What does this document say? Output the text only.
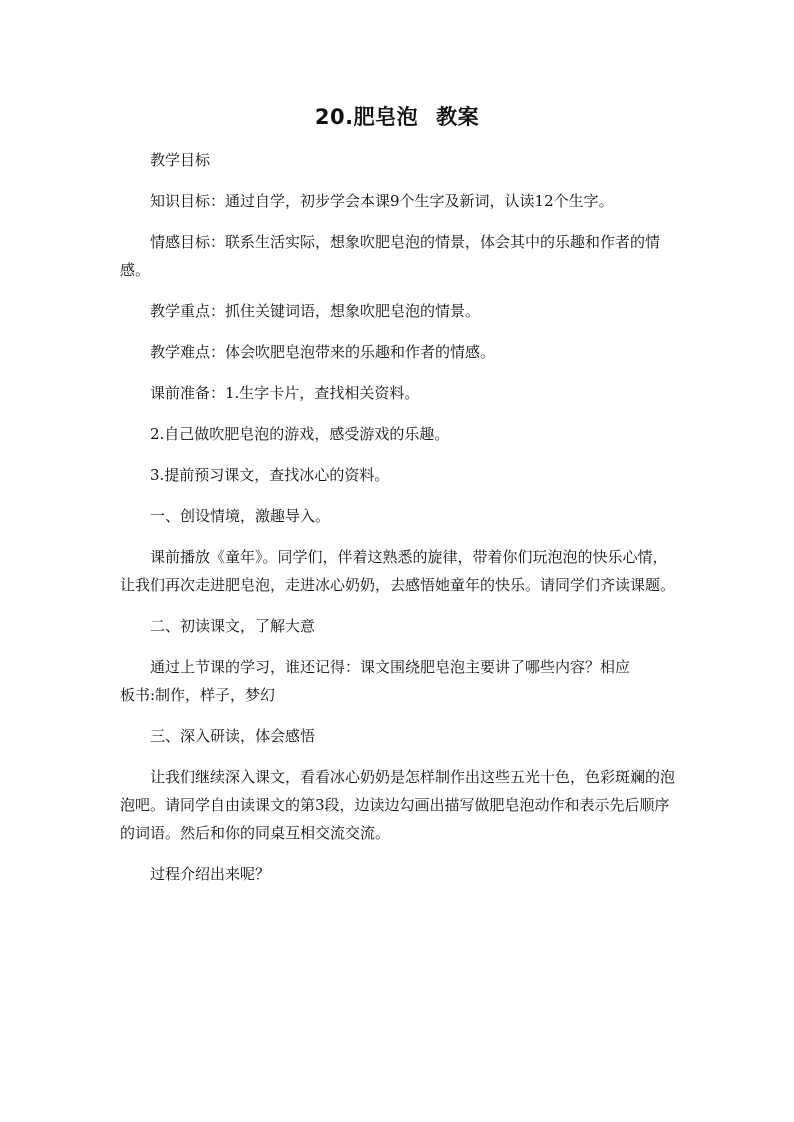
20.肥皂泡 教案

教学目标

知识目标：通过自学，初步学会本课9个生字及新词，认读12个生字。

情感目标：联系生活实际，想象吹肥皂泡的情景，体会其中的乐趣和作者的情感。

教学重点：抓住关键词语，想象吹肥皂泡的情景。

教学难点：体会吹肥皂泡带来的乐趣和作者的情感。

课前准备：1.生字卡片，查找相关资料。

2.自己做吹肥皂泡的游戏，感受游戏的乐趣。

3.提前预习课文，查找冰心的资料。

一、创设情境，激趣导入。

课前播放《童年》。同学们，伴着这熟悉的旋律，带着你们玩泡泡的快乐心情，让我们再次走进肥皂泡，走进冰心奶奶，去感悟她童年的快乐。请同学们齐读课题。

二、初读课文，了解大意

通过上节课的学习，谁还记得：课文围绕肥皂泡主要讲了哪些内容？相应

板书:制作，样子，梦幻

三、深入研读，体会感悟

让我们继续深入课文，看看冰心奶奶是怎样制作出这些五光十色，色彩斑斓的泡泡吧。请同学自由读课文的第3段，边读边勾画出描写做肥皂泡动作和表示先后顺序的词语。然后和你的同桌互相交流交流。

过程介绍出来呢？
